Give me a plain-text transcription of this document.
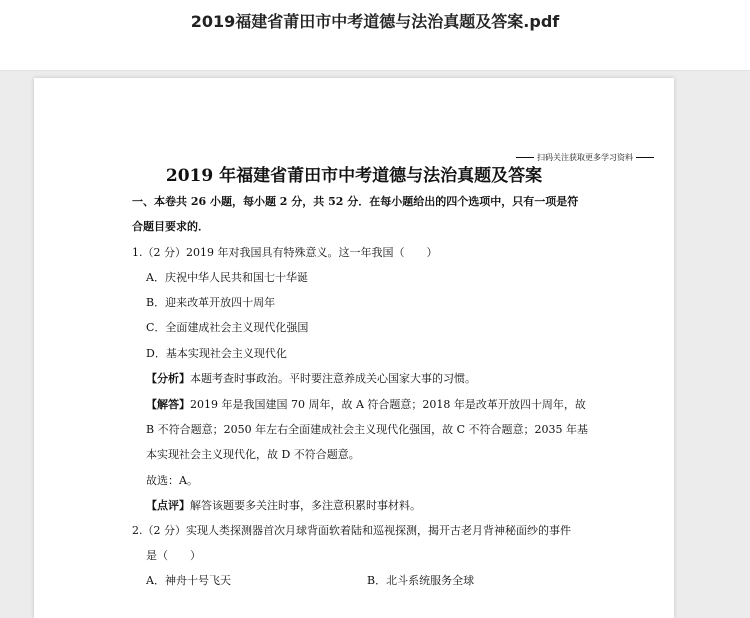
2019福建省莆田市中考道德与法治真题及答案.pdf
扫码关注获取更多学习资料
2019 年福建省莆田市中考道德与法治真题及答案
一、本卷共 26 小题，每小题 2 分，共 52 分．在每小题给出的四个选项中，只有一项是符
合题目要求的．
1.（2 分）2019 年对我国具有特殊意义。这一年我国（　　）
A．庆祝中华人民共和国七十华诞
B．迎来改革开放四十周年
C．全面建成社会主义现代化强国
D．基本实现社会主义现代化
【分析】本题考查时事政治。平时要注意养成关心国家大事的习惯。
【解答】2019 年是我国建国 70 周年，故 A 符合题意；2018 年是改革开放四十周年，故
B 不符合题意；2050 年左右全面建成社会主义现代化强国，故 C 不符合题意；2035 年基
本实现社会主义现代化，故 D 不符合题意。
故选：A。
【点评】解答该题要多关注时事，多注意积累时事材料。
2.（2 分）实现人类探测器首次月球背面软着陆和巡视探测，揭开古老月背神秘面纱的事件
是（　　）
A．神舟十号飞天	B．北斗系统服务全球
